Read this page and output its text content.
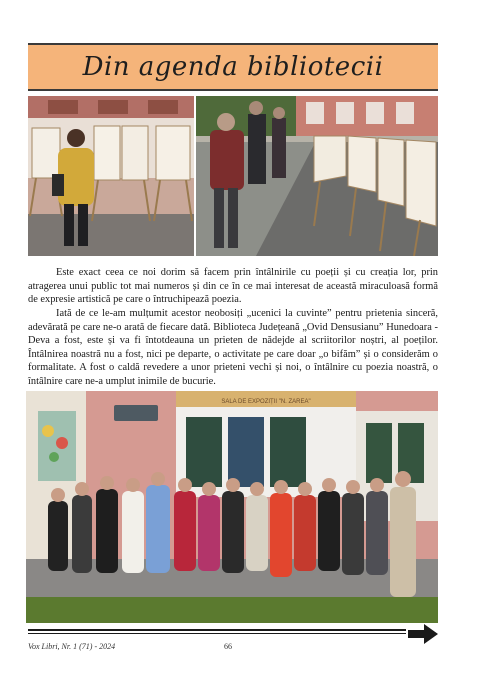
Din agenda bibliotecii
Este exact ceea ce noi dorim să facem prin întâlnirile cu poeții și cu creația lor, prin atragerea unui public tot mai numeros și din ce în ce mai interesat de această miraculoasă formă de expresie artistică pe care o întruchipează poezia.
Iată de ce le-am mulțumit acestor neobosiți „ucenici la cuvinte” pentru prietenia sinceră, adevărată pe care ne-o arată de fiecare dată. Biblioteca Județeană „Ovid Densusianu” Hunedoara - Deva a fost, este și va fi întotdeauna un prieten de nădejde al scriitorilor noștri, al poeților. Întâlnirea noastră nu a fost, nici pe departe, o activitate pe care doar „o bifăm” și o considerăm o formalitate. A fost o caldă revedere a unor prieteni vechi și noi, o întâlnire cu poezia noastră, o întâlnire care ne-a umplut inimile de bucurie.
SALA DE EXPOZIȚII "N. ZAREA"
Vox Libri, Nr. 1 (71) - 2024	66
